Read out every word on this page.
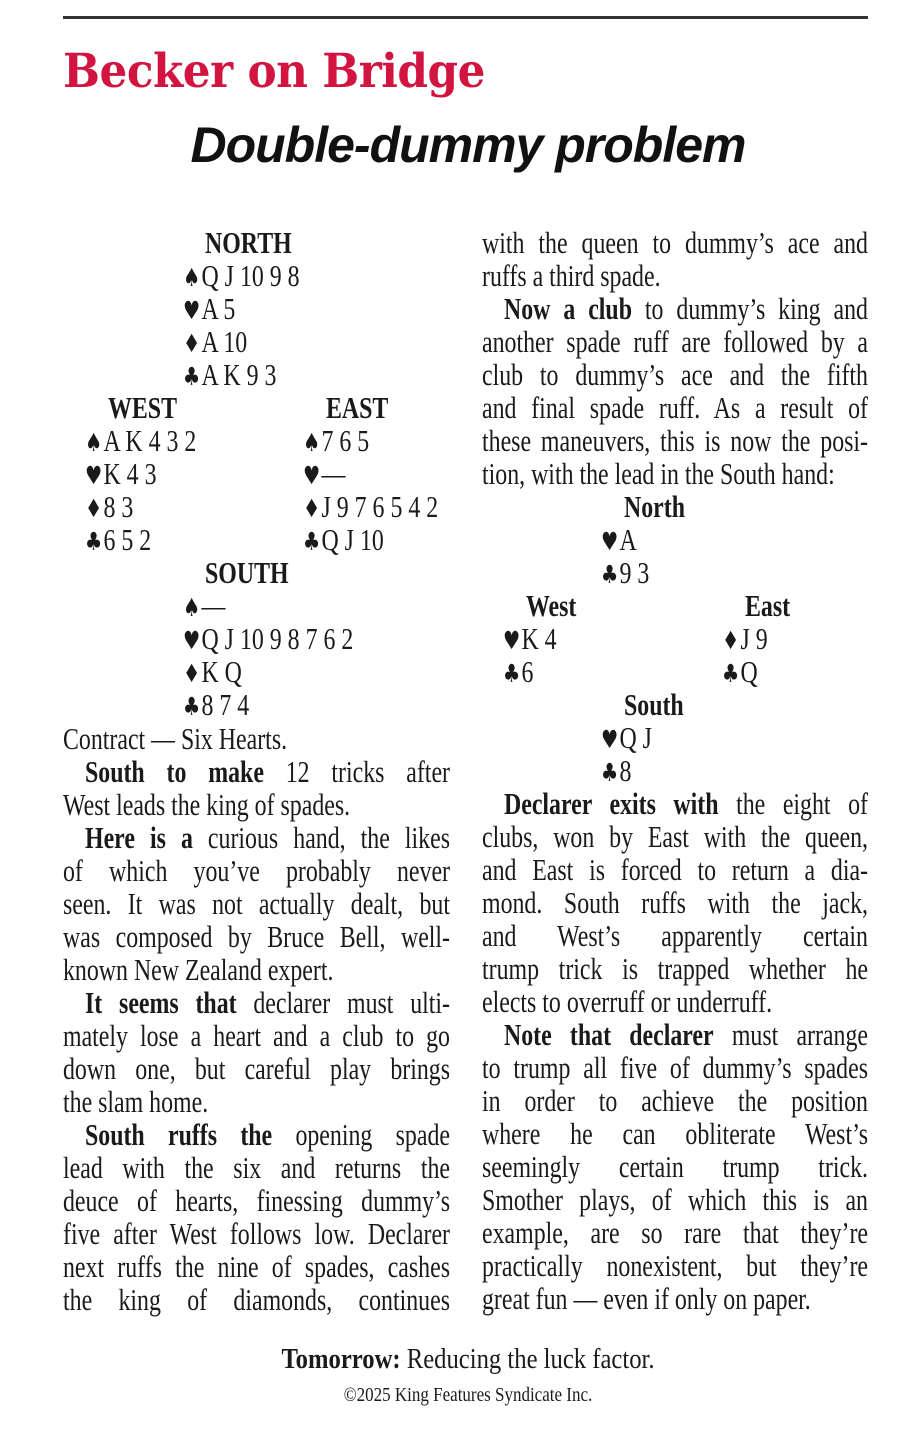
Becker on Bridge
Double-dummy problem
NORTH
♠Q J 10 9 8
♥A 5
♦A 10
♣A K 9 3
WEST
♠A K 4 3 2
♥K 4 3
♦8 3
♣6 5 2
EAST
♠7 6 5
♥—
♦J 9 7 6 5 4 2
♣Q J 10
SOUTH
♠—
♥Q J 10 9 8 7 6 2
♦K Q
♣8 7 4
North
♥A
♣9 3
West
♥K 4
♣6
East
♦J 9
♣Q
South
♥Q J
♣8
Contract — Six Hearts.
South to make 12 tricks after
West leads the king of spades.
Here is a curious hand, the likes
of which you’ve probably never
seen. It was not actually dealt, but
was composed by Bruce Bell, well-
known New Zealand expert.
It seems that declarer must ulti-
mately lose a heart and a club to go
down one, but careful play brings
the slam home.
South ruffs the opening spade
lead with the six and returns the
deuce of hearts, finessing dummy’s
five after West follows low. Declarer
next ruffs the nine of spades, cashes
the king of diamonds, continues
with the queen to dummy’s ace and
ruffs a third spade.
Now a club to dummy’s king and
another spade ruff are followed by a
club to dummy’s ace and the fifth
and final spade ruff. As a result of
these maneuvers, this is now the posi-
tion, with the lead in the South hand:
Declarer exits with the eight of
clubs, won by East with the queen,
and East is forced to return a dia-
mond. South ruffs with the jack,
and West’s apparently certain
trump trick is trapped whether he
elects to overruff or underruff.
Note that declarer must arrange
to trump all five of dummy’s spades
in order to achieve the position
where he can obliterate West’s
seemingly certain trump trick.
Smother plays, of which this is an
example, are so rare that they’re
practically nonexistent, but they’re
great fun — even if only on paper.
Tomorrow: Reducing the luck factor.
©2025 King Features Syndicate Inc.
